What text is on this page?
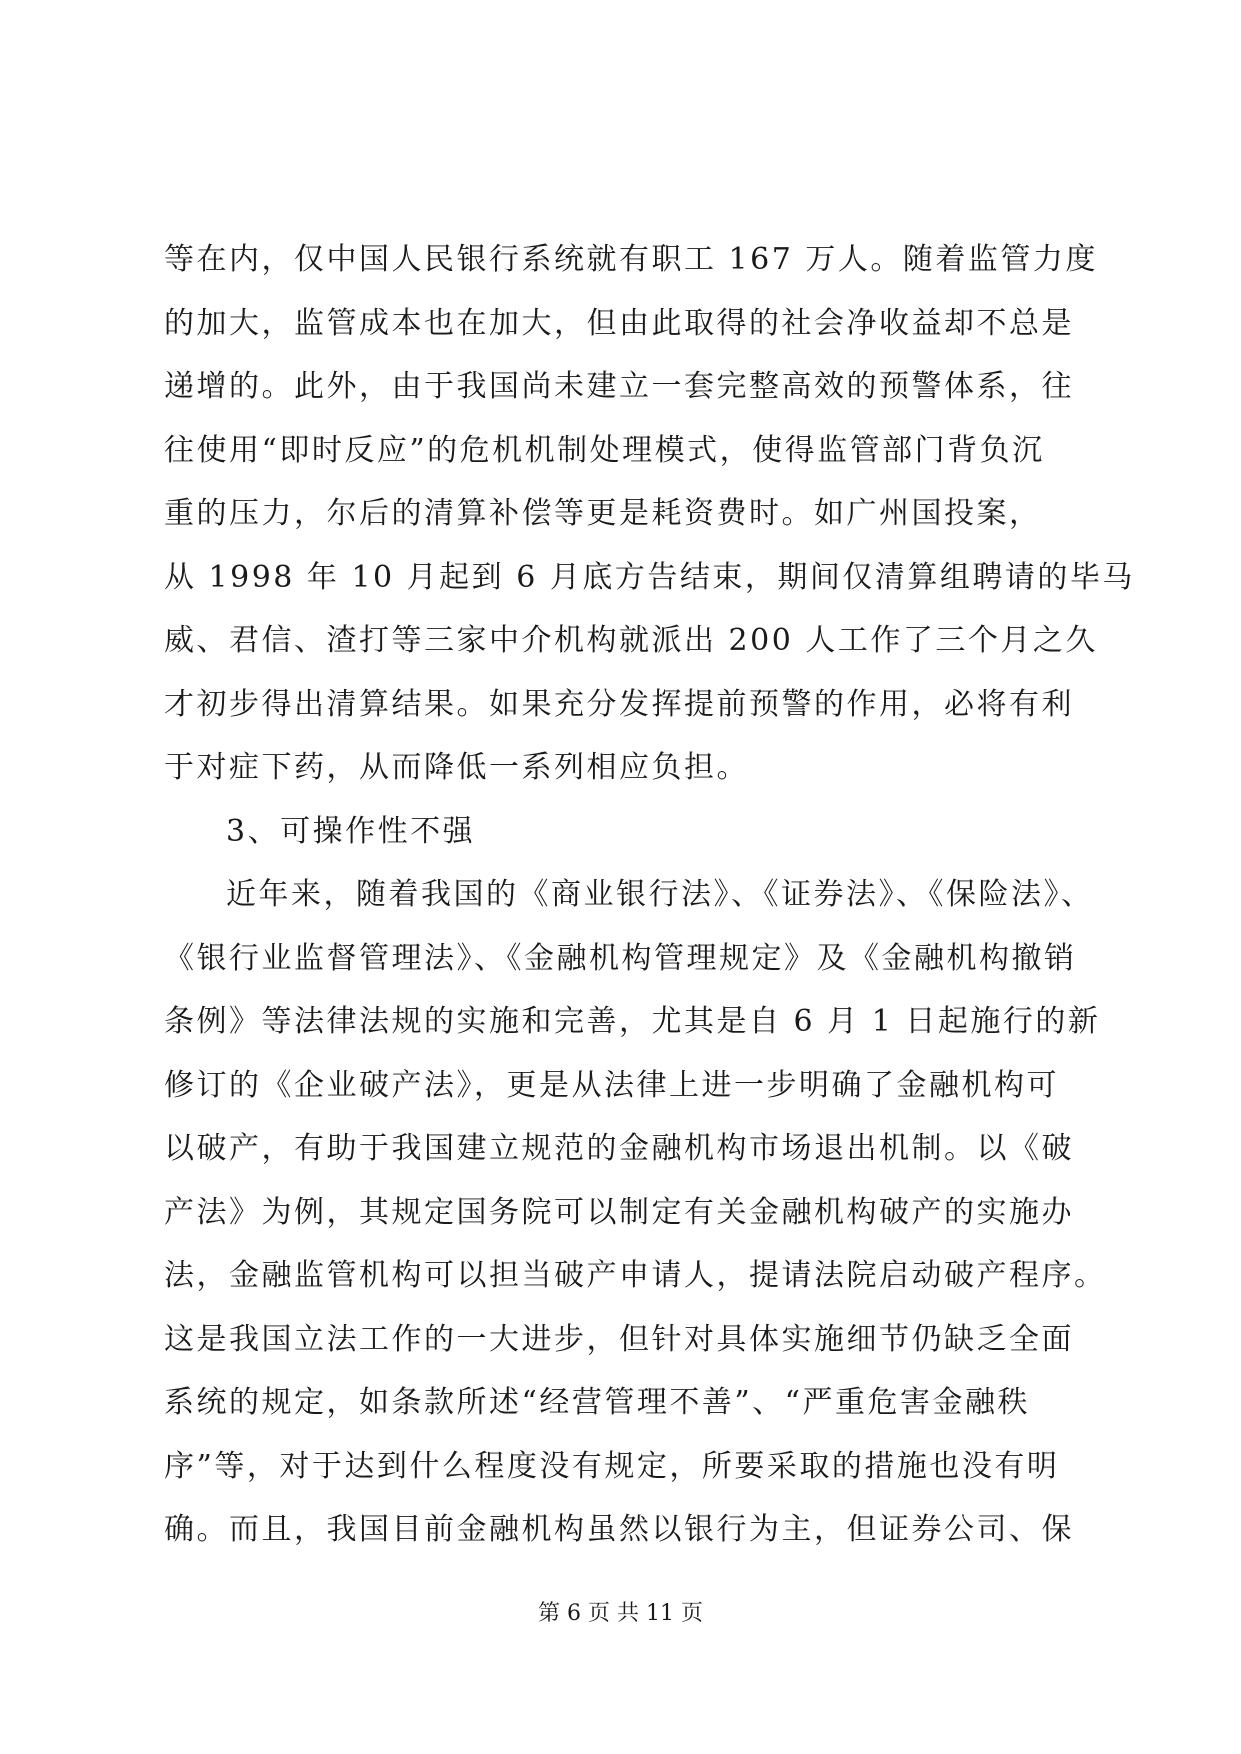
等在内，仅中国人民银行系统就有职工 167 万人。随着监管力度
的加大，监管成本也在加大，但由此取得的社会净收益却不总是
递增的。此外，由于我国尚未建立一套完整高效的预警体系，往
往使用“即时反应”的危机机制处理模式，使得监管部门背负沉
重的压力，尔后的清算补偿等更是耗资费时。如广州国投案，
从 1998 年 10 月起到 6 月底方告结束，期间仅清算组聘请的毕马
威、君信、渣打等三家中介机构就派出 200 人工作了三个月之久
才初步得出清算结果。如果充分发挥提前预警的作用，必将有利
于对症下药，从而降低一系列相应负担。
3、可操作性不强
近年来，随着我国的《商业银行法》、《证券法》、《保险法》、
《银行业监督管理法》、《金融机构管理规定》及《金融机构撤销
条例》等法律法规的实施和完善，尤其是自 6 月 1 日起施行的新
修订的《企业破产法》，更是从法律上进一步明确了金融机构可
以破产，有助于我国建立规范的金融机构市场退出机制。以《破
产法》为例，其规定国务院可以制定有关金融机构破产的实施办
法，金融监管机构可以担当破产申请人，提请法院启动破产程序。
这是我国立法工作的一大进步，但针对具体实施细节仍缺乏全面
系统的规定，如条款所述“经营管理不善”、“严重危害金融秩
序”等，对于达到什么程度没有规定，所要采取的措施也没有明
确。而且，我国目前金融机构虽然以银行为主，但证券公司、保
第 6 页 共 11 页
